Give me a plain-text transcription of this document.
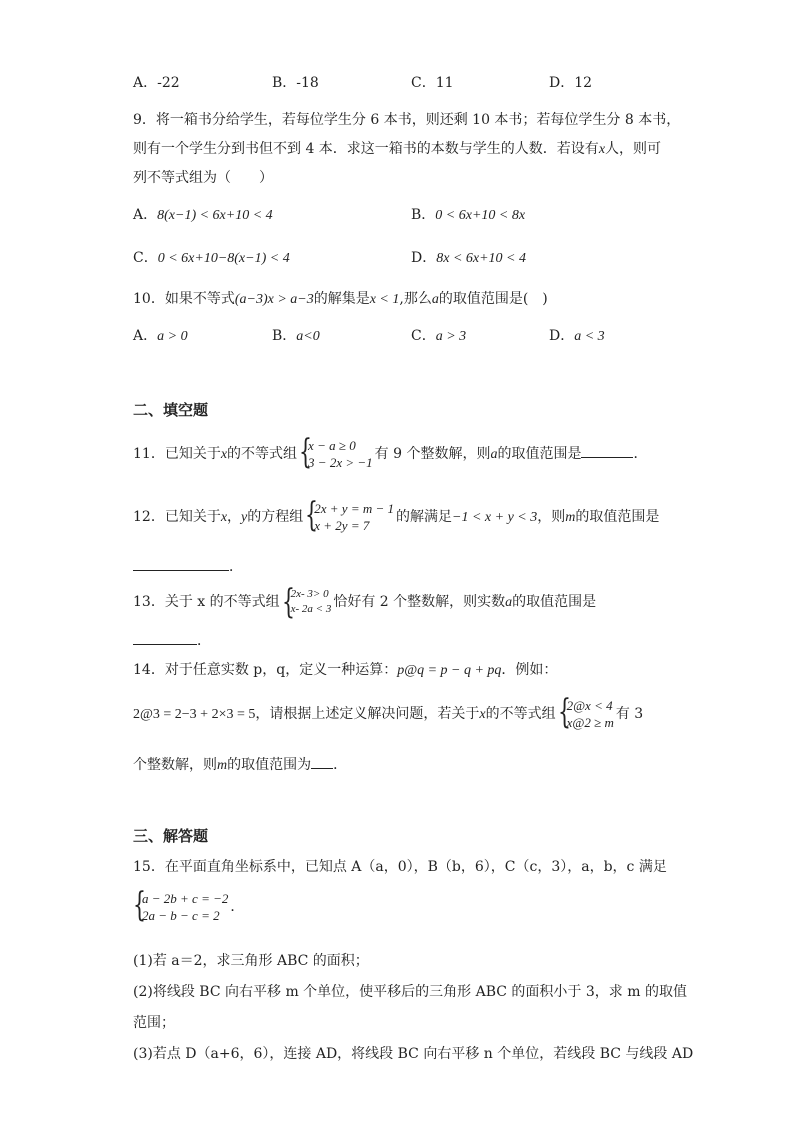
A．-22	B．-18	C．11	D．12
9．将一箱书分给学生，若每位学生分 6 本书，则还剩 10 本书；若每位学生分 8 本书，
则有一个学生分到书但不到 4 本．求这一箱书的本数与学生的人数．若设有x人，则可
列不等式组为（　　）
A．8(x−1) < 6x+10 < 4	B．0 < 6x+10 < 8x
C．0 < 6x+10−8(x−1) < 4	D．8x < 6x+10 < 4
10．如果不等式(a−3)x > a−3的解集是x < 1,那么a的取值范围是(　)
A．a > 0	B．a<0	C．a > 3	D．a < 3
二、填空题
11．已知关于x的不等式组 {
x − a ≥ 0
3 − 2x > −1
有 9 个整数解，则a的取值范围是	．
12．已知关于x，y的方程组 {
2x + y = m − 1
x + 2y = 7
的解满足−1 < x + y < 3，则m的取值范围是
．
13．关于 x 的不等式组 {
2x- 3> 0
x- 2a < 3 恰好有 2 个整数解，则实数a的取值范围是
．
14．对于任意实数 p，q，定义一种运算：p@q = p − q + pq．例如：
2@3 = 2−3 + 2×3 = 5，请根据上述定义解决问题，若关于x的不等式组 {
2@x < 4
x@2 ≥ m
有 3
个整数解，则m的取值范围为 ．
三、解答题
15．在平面直角坐标系中，已知点 A（a，0），B（b，6），C（c，3），a，b，c 满足
{
a − 2b + c = −2
2a − b − c = 2
．
(1)若 a＝2，求三角形 ABC 的面积；
(2)将线段 BC 向右平移 m 个单位，使平移后的三角形 ABC 的面积小于 3，求 m 的取值
范围；
(3)若点 D（a+6，6），连接 AD，将线段 BC 向右平移 n 个单位，若线段 BC 与线段 AD
